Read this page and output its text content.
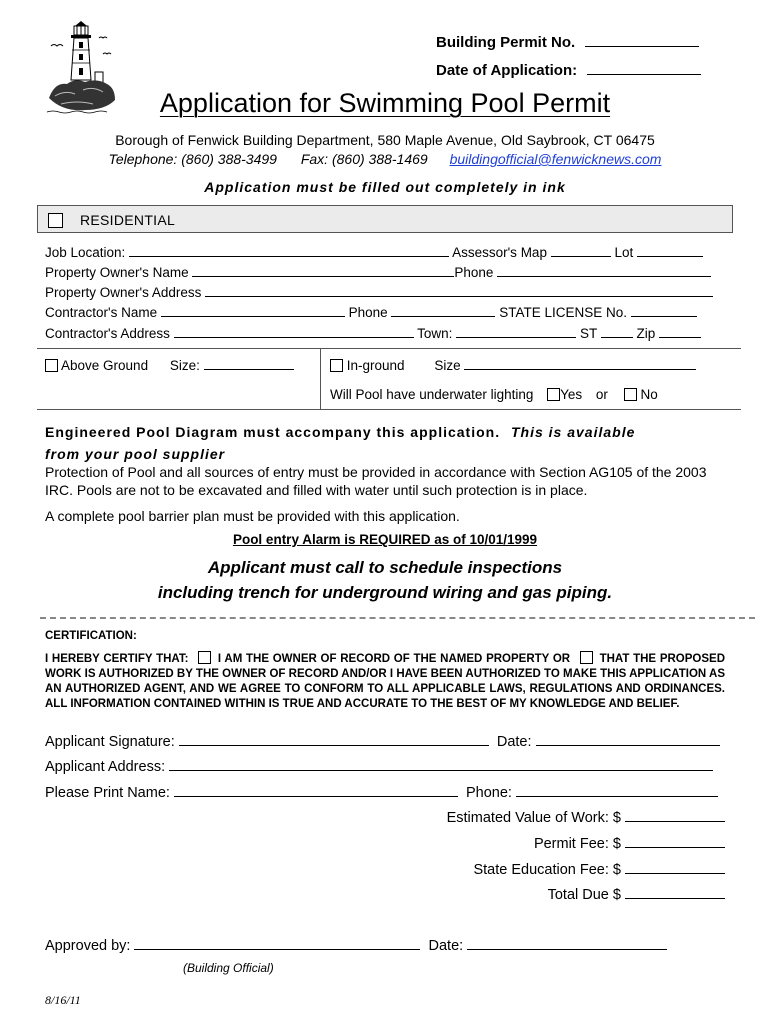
Building Permit No.
Date of Application:
Application for Swimming Pool Permit
Borough of Fenwick Building Department, 580 Maple Avenue, Old Saybrook, CT 06475
Telephone: (860) 388-3499 Fax: (860) 388-1469 buildingofficial@fenwicknews.com
Application must be filled out completely in ink
RESIDENTIAL
Job Location:	Assessor's Map	Lot
Property Owner's Name	Phone
Property Owner's Address
Contractor's Name	Phone	STATE LICENSE No.
Contractor's Address	Town:	ST	Zip
Above Ground Size:	In-ground Size
Will Pool have underwater lighting Yes or No
Engineered Pool Diagram must accompany this application. This is available
from your pool supplier
Protection of Pool and all sources of entry must be provided in accordance with Section AG105 of the 2003 IRC. Pools are not to be excavated and filled with water until such protection is in place.
A complete pool barrier plan must be provided with this application.
Pool entry Alarm is REQUIRED as of 10/01/1999
Applicant must call to schedule inspections
including trench for underground wiring and gas piping.
CERTIFICATION:
I HEREBY CERTIFY THAT:	I AM THE OWNER OF RECORD OF THE NAMED PROPERTY OR	THAT THE PROPOSED WORK IS AUTHORIZED BY THE OWNER OF RECORD AND/OR I HAVE BEEN AUTHORIZED TO MAKE THIS APPLICATION AS AN AUTHORIZED AGENT, AND WE AGREE TO CONFORM TO ALL APPLICABLE LAWS, REGULATIONS AND ORDINANCES. ALL INFORMATION CONTAINED WITHIN IS TRUE AND ACCURATE TO THE BEST OF MY KNOWLEDGE AND BELIEF.
Applicant Signature:	Date:
Applicant Address:
Please Print Name:	Phone:
Estimated Value of Work: $
Permit Fee: $
State Education Fee: $
Total Due $
Approved by:	Date:
(Building Official)
8/16/11
